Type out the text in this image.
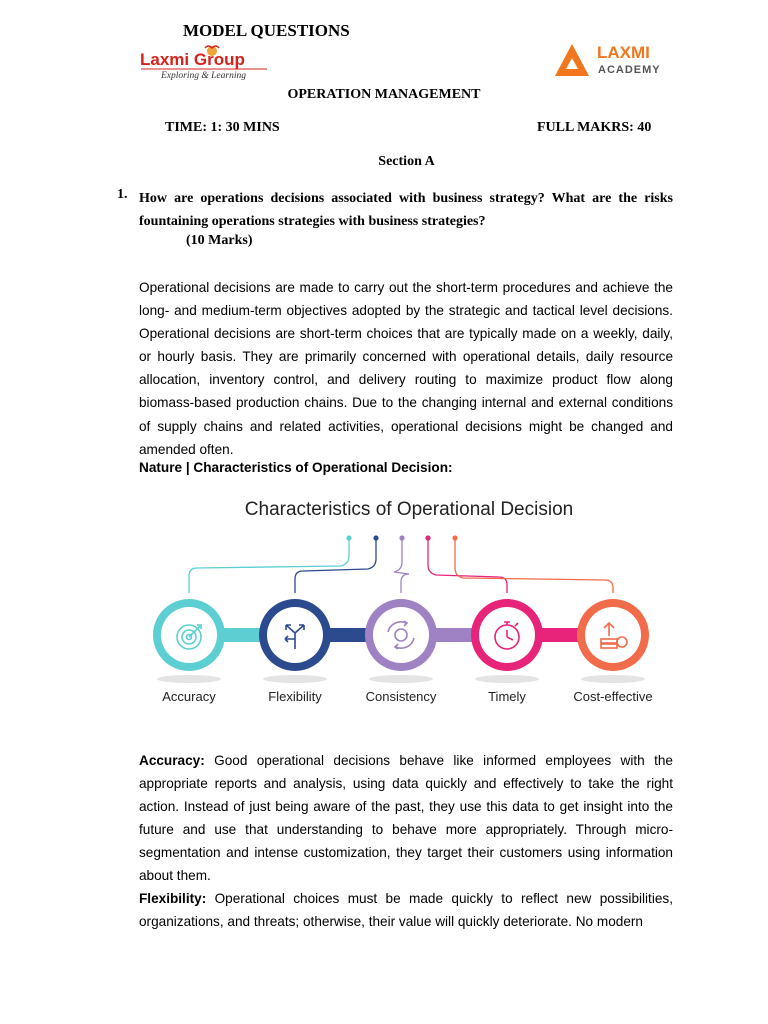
MODEL QUESTIONS
Laxmi Group
Exploring & Learning
LAXMI
ACADEMY
OPERATION MANAGEMENT
TIME: 1: 30 MINS	FULL MAKRS: 40
Section A
1. How are operations decisions associated with business strategy? What are the risks fountaining operations strategies with business strategies?
(10 Marks)
Operational decisions are made to carry out the short-term procedures and achieve the long- and medium-term objectives adopted by the strategic and tactical level decisions. Operational decisions are short-term choices that are typically made on a weekly, daily, or hourly basis. They are primarily concerned with operational details, daily resource allocation, inventory control, and delivery routing to maximize product flow along biomass-based production chains. Due to the changing internal and external conditions of supply chains and related activities, operational decisions might be changed and amended often.
Nature | Characteristics of Operational Decision:
Characteristics of Operational Decision
Accuracy	Flexibility	Consistency	Timely	Cost-effective
Accuracy: Good operational decisions behave like informed employees with the appropriate reports and analysis, using data quickly and effectively to take the right action. Instead of just being aware of the past, they use this data to get insight into the future and use that understanding to behave more appropriately. Through micro-segmentation and intense customization, they target their customers using information about them.
Flexibility: Operational choices must be made quickly to reflect new possibilities, organizations, and threats; otherwise, their value will quickly deteriorate. No modern
